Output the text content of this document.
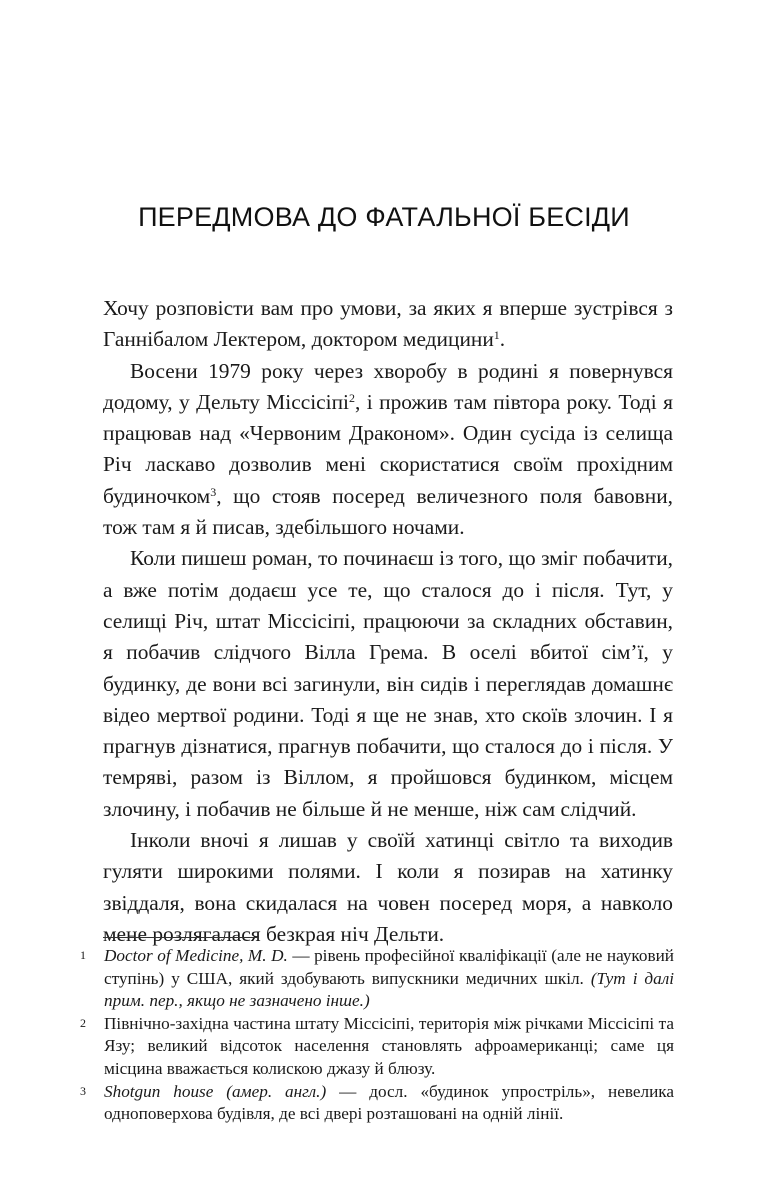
ПЕРЕДМОВА ДО ФАТАЛЬНОЇ БЕСІДИ

Хочу розповісти вам про умови, за яких я вперше зустрівся з Ганнібалом Лектером, доктором медицини$^1$.

Восени 1979 року через хворобу в родині я повернувся додому, у Дельту Міссісіпі$^2$, і прожив там півтора року. Тоді я працював над «Червоним Драконом». Один сусіда із селища Річ ласкаво дозволив мені скористатися своїм прохідним будиночком$^3$, що стояв посеред величезного поля бавовни, тож там я й писав, здебільшого ночами.

Коли пишеш роман, то починаєш із того, що зміг побачити, а вже потім додаєш усе те, що сталося до і після. Тут, у селищі Річ, штат Міссісіпі, працюючи за складних обставин, я побачив слідчого Вілла Грема. В оселі вбитої сім’ї, у будинку, де вони всі загинули, він сидів і переглядав домашнє відео мертвої родини. Тоді я ще не знав, хто скоїв злочин. І я прагнув дізнатися, прагнув побачити, що сталося до і після. У темряві, разом із Віллом, я пройшовся будинком, місцем злочину, і побачив не більше й не менше, ніж сам слідчий.

Інколи вночі я лишав у своїй хатинці світло та виходив гуляти широкими полями. І коли я позирав на хатинку звіддаля, вона скидалася на човен посеред моря, а навколо мене розлягалася безкрая ніч Дельти.

1	Doctor of Medicine, M. D. — рівень професійної кваліфікації (але не науковий ступінь) у США, який здобувають випускники медичних шкіл. (Тут і далі прим. пер., якщо не зазначено інше.)
2	Північно-західна частина штату Міссісіпі, територія між річками Міссісіпі та Язу; великий відсоток населення становлять афроамериканці; саме ця місцина вважається колискою джазу й блюзу.
3	Shotgun house (амер. англ.) — досл. «будинок упростріль», невелика одноповерхова будівля, де всі двері розташовані на одній лінії.
